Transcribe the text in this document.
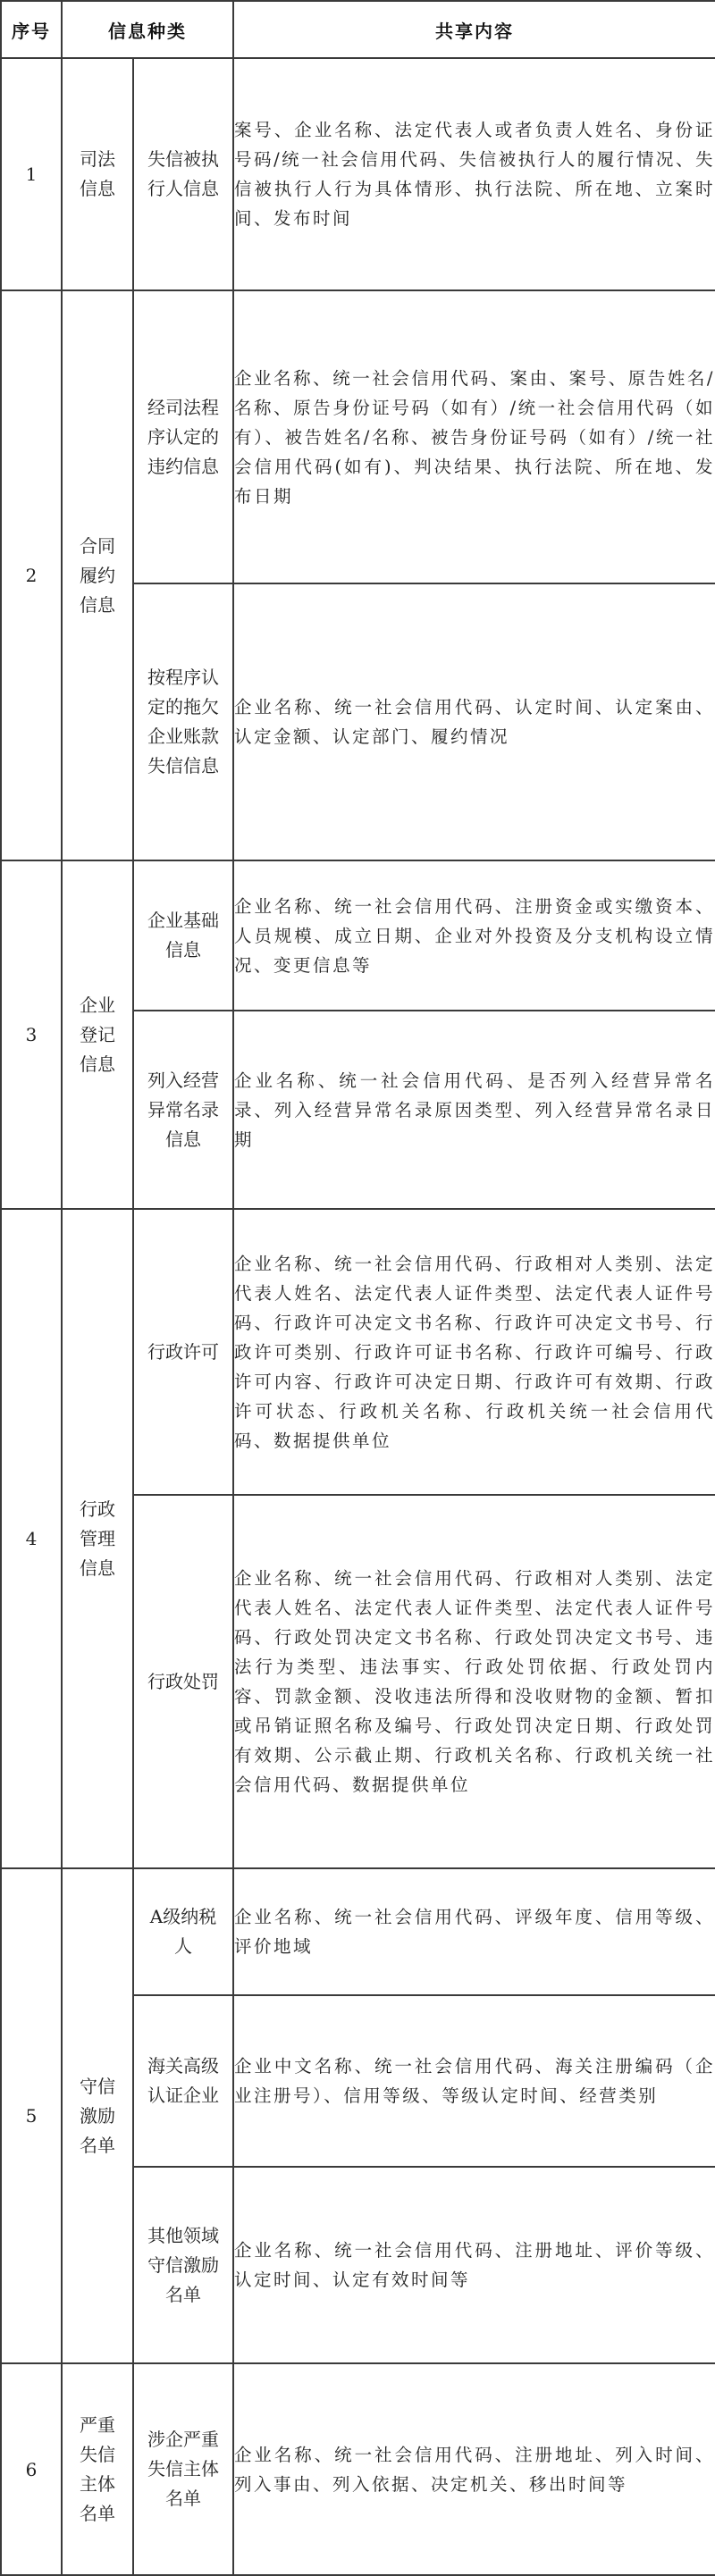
序号	信息种类		共享内容
1	司法信息	失信被执行人信息	案号、企业名称、法定代表人或者负责人姓名、身份证号码/统一社会信用代码、失信被执行人的履行情况、失信被执行人行为具体情形、执行法院、所在地、立案时间、发布时间
2	合同履约信息	经司法程序认定的违约信息	企业名称、统一社会信用代码、案由、案号、原告姓名/名称、原告身份证号码（如有）/统一社会信用代码（如有）、被告姓名/名称、被告身份证号码（如有）/统一社会信用代码(如有)、判决结果、执行法院、所在地、发布日期
		按程序认定的拖欠企业账款失信信息	企业名称、统一社会信用代码、认定时间、认定案由、认定金额、认定部门、履约情况
3	企业登记信息	企业基础信息	企业名称、统一社会信用代码、注册资金或实缴资本、人员规模、成立日期、企业对外投资及分支机构设立情况、变更信息等
		列入经营异常名录信息	企业名称、统一社会信用代码、是否列入经营异常名录、列入经营异常名录原因类型、列入经营异常名录日期
4	行政管理信息	行政许可	企业名称、统一社会信用代码、行政相对人类别、法定代表人姓名、法定代表人证件类型、法定代表人证件号码、行政许可决定文书名称、行政许可决定文书号、行政许可类别、行政许可证书名称、行政许可编号、行政许可内容、行政许可决定日期、行政许可有效期、行政许可状态、行政机关名称、行政机关统一社会信用代码、数据提供单位
		行政处罚	企业名称、统一社会信用代码、行政相对人类别、法定代表人姓名、法定代表人证件类型、法定代表人证件号码、行政处罚决定文书名称、行政处罚决定文书号、违法行为类型、违法事实、行政处罚依据、行政处罚内容、罚款金额、没收违法所得和没收财物的金额、暂扣或吊销证照名称及编号、行政处罚决定日期、行政处罚有效期、公示截止期、行政机关名称、行政机关统一社会信用代码、数据提供单位
5	守信激励名单	A级纳税人	企业名称、统一社会信用代码、评级年度、信用等级、评价地域
		海关高级认证企业	企业中文名称、统一社会信用代码、海关注册编码（企业注册号）、信用等级、等级认定时间、经营类别
		其他领域守信激励名单	企业名称、统一社会信用代码、注册地址、评价等级、认定时间、认定有效时间等
6	严重失信主体名单	涉企严重失信主体名单	企业名称、统一社会信用代码、注册地址、列入时间、列入事由、列入依据、决定机关、移出时间等
